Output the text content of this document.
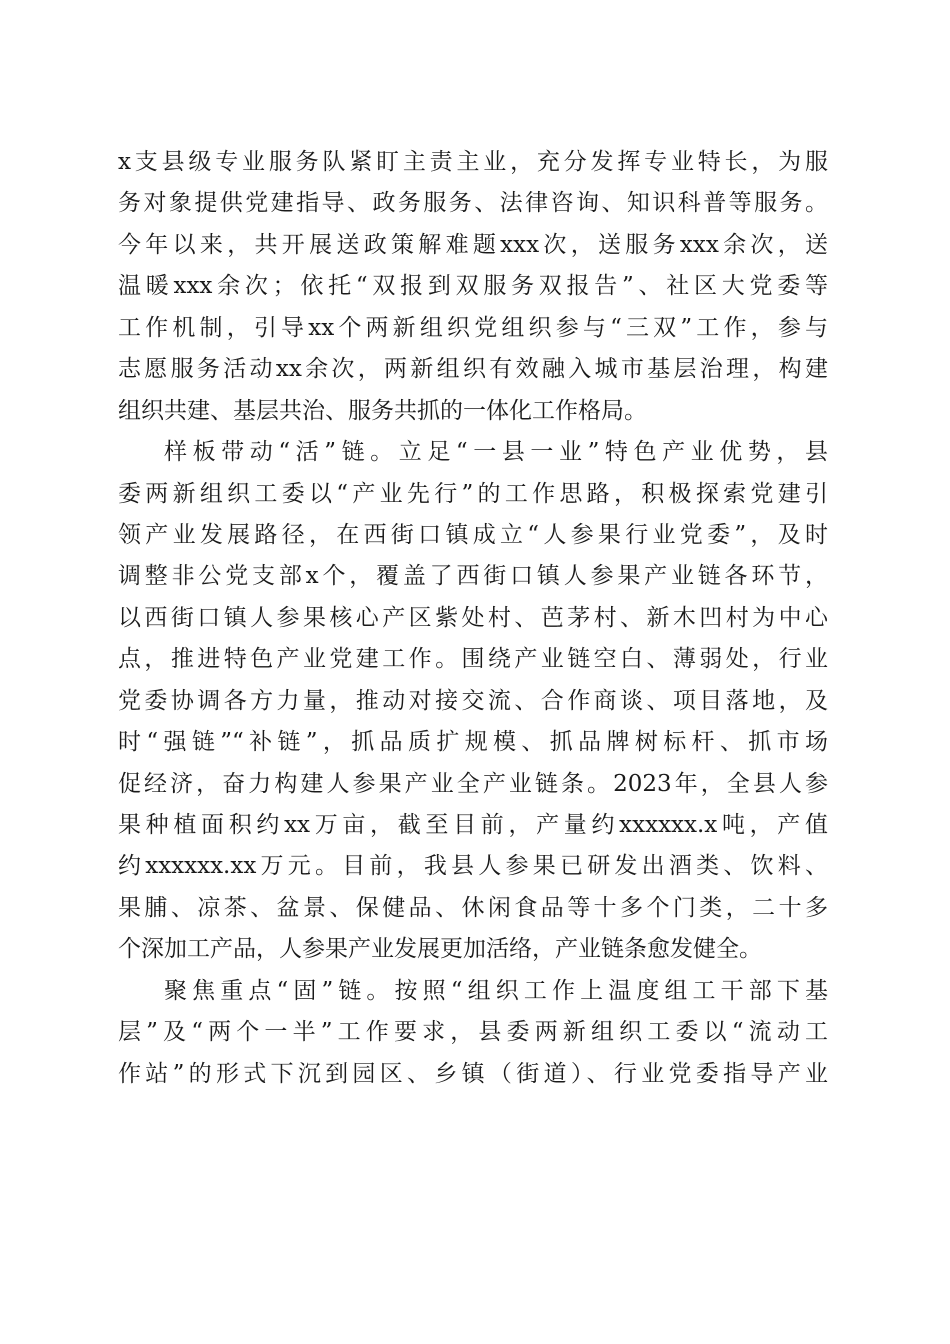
x支县级专业服务队紧盯主责主业，充分发挥专业特长，为服
务对象提供党建指导、政务服务、法律咨询、知识科普等服务。
今年以来，共开展送政策解难题xxx次，送服务xxx余次，送
温暖xxx余次；依托“双报到双服务双报告”、社区大党委等
工作机制，引导xx个两新组织党组织参与“三双”工作，参与
志愿服务活动xx余次，两新组织有效融入城市基层治理，构建
组织共建、基层共治、服务共抓的一体化工作格局。
样板带动“活”链。立足“一县一业”特色产业优势，县
委两新组织工委以“产业先行”的工作思路，积极探索党建引
领产业发展路径，在西街口镇成立“人参果行业党委”，及时
调整非公党支部x个，覆盖了西街口镇人参果产业链各环节，
以西街口镇人参果核心产区紫处村、芭茅村、新木凹村为中心
点，推进特色产业党建工作。围绕产业链空白、薄弱处，行业
党委协调各方力量，推动对接交流、合作商谈、项目落地，及
时“强链”“补链”，抓品质扩规模、抓品牌树标杆、抓市场
促经济，奋力构建人参果产业全产业链条。2023年，全县人参
果种植面积约xx万亩，截至目前，产量约xxxxxx.x吨，产值
约xxxxxx.xx万元。目前，我县人参果已研发出酒类、饮料、
果脯、凉茶、盆景、保健品、休闲食品等十多个门类，二十多
个深加工产品，人参果产业发展更加活络，产业链条愈发健全。
聚焦重点“固”链。按照“组织工作上温度组工干部下基
层”及“两个一半”工作要求，县委两新组织工委以“流动工
作站”的形式下沉到园区、乡镇（街道）、行业党委指导产业
